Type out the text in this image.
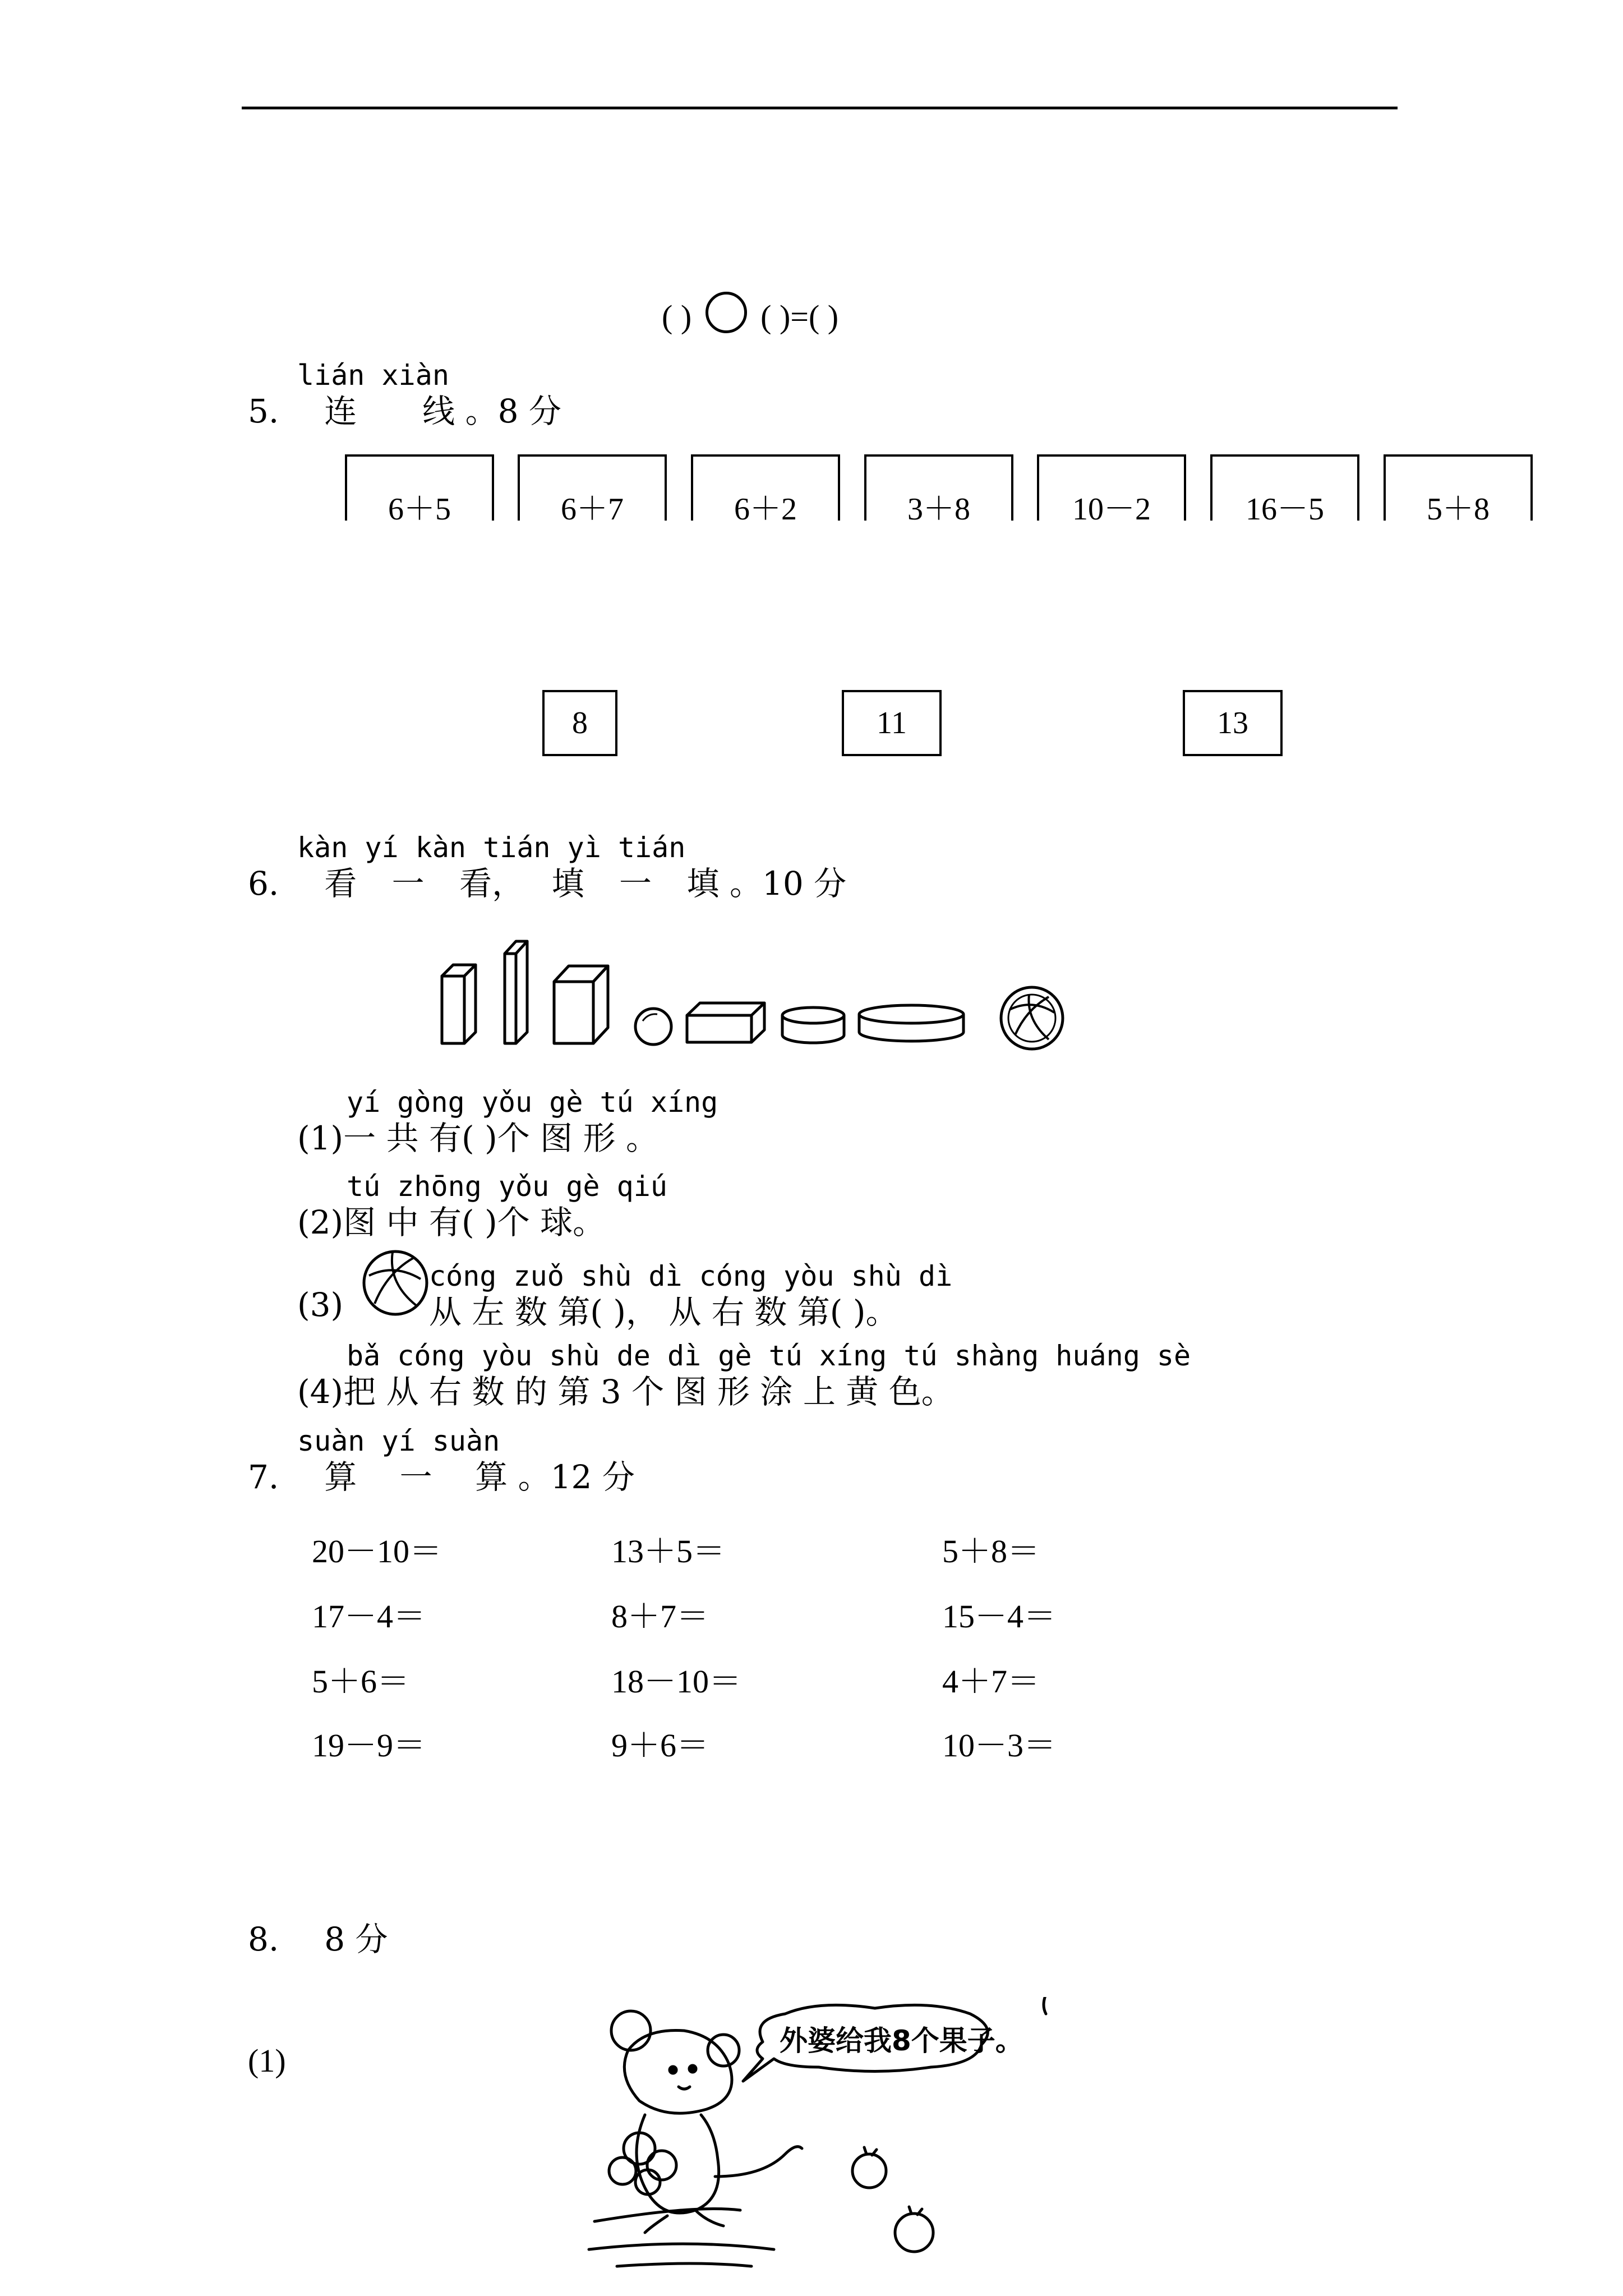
( ) ( )=( )
lián xiàn
5. 连 线 。8 分
6＋5	6＋7	6＋2	3＋8	10－2	16－5	5＋8
8	11	13
kàn yí kàn tián yì tián
6. 看 一 看， 填 一 填 。10 分
yí gòng yǒu gè tú xíng
(1)一 共 有( )个 图 形 。
tú zhōng yǒu gè qiú
(2)图 中 有( )个 球。
(3)
cóng zuǒ shù dì cóng yòu shù dì
从 左 数 第( )， 从 右 数 第( )。
bǎ cóng yòu shù de dì gè tú xíng tú shàng huáng sè
(4)把 从 右 数 的 第 3 个 图 形 涂 上 黄 色。
suàn yí suàn
7. 算 一 算 。12 分
20－10＝	13＋5＝	5＋8＝
17－4＝	8＋7＝	15－4＝
5＋6＝	18－10＝	4＋7＝
19－9＝	9＋6＝	10－3＝
8. 8 分
(1)
外婆给我8个果子。
